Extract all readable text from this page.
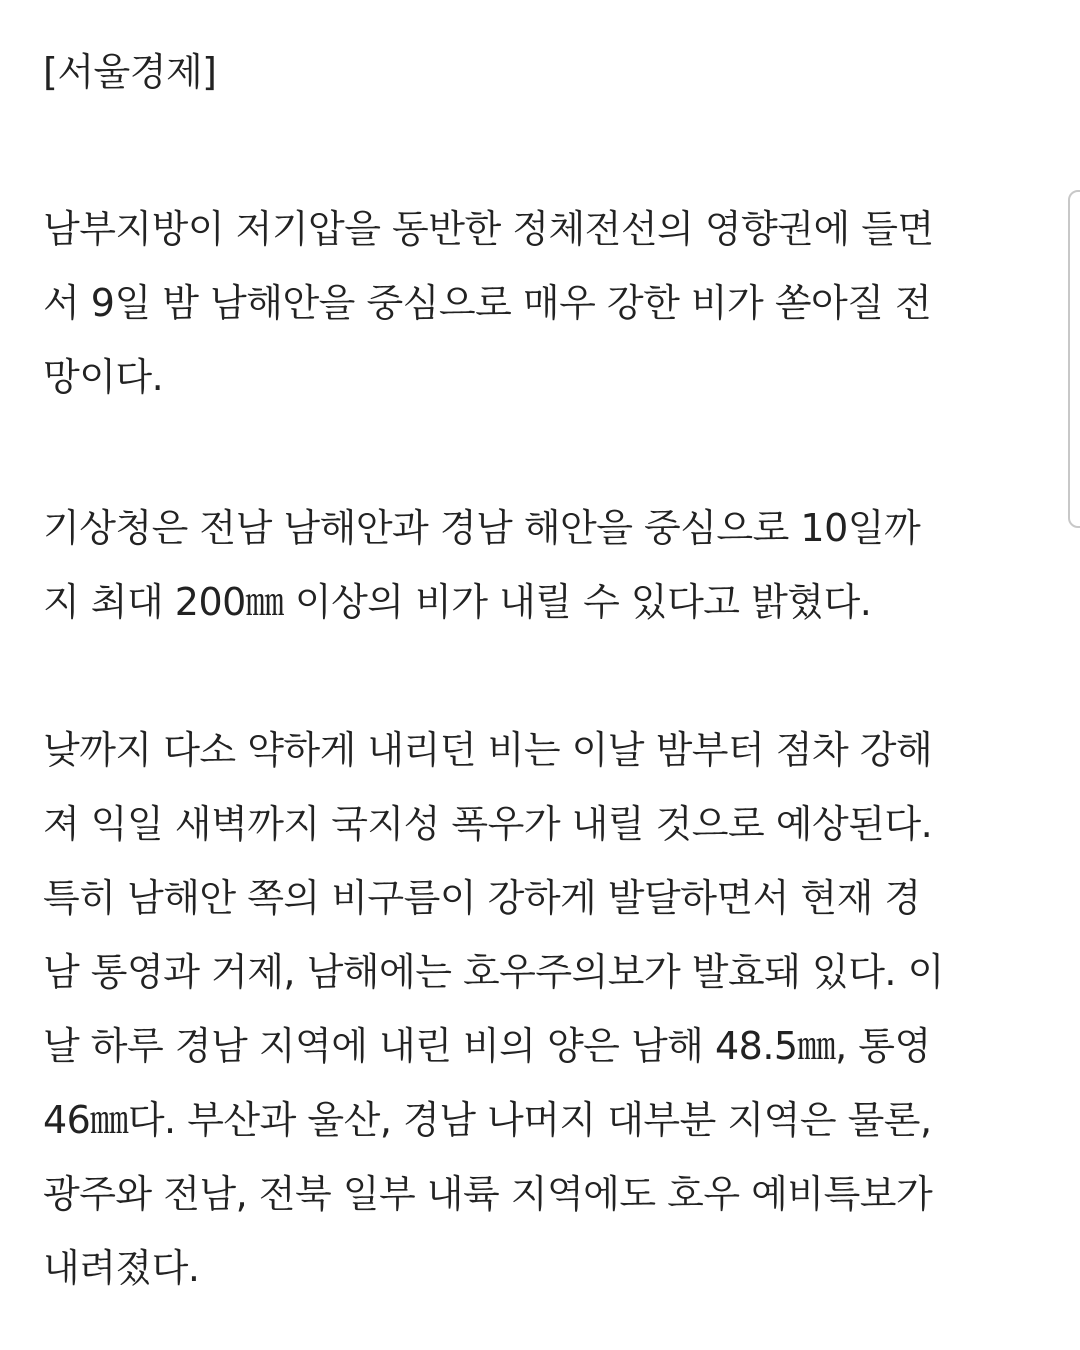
[서울경제]
남부지방이 저기압을 동반한 정체전선의 영향권에 들면
서 9일 밤 남해안을 중심으로 매우 강한 비가 쏟아질 전
망이다.
기상청은 전남 남해안과 경남 해안을 중심으로 10일까
지 최대 200㎜ 이상의 비가 내릴 수 있다고 밝혔다.
낮까지 다소 약하게 내리던 비는 이날 밤부터 점차 강해
져 익일 새벽까지 국지성 폭우가 내릴 것으로 예상된다.
특히 남해안 쪽의 비구름이 강하게 발달하면서 현재 경
남 통영과 거제, 남해에는 호우주의보가 발효돼 있다. 이
날 하루 경남 지역에 내린 비의 양은 남해 48.5㎜, 통영
46㎜다. 부산과 울산, 경남 나머지 대부분 지역은 물론,
광주와 전남, 전북 일부 내륙 지역에도 호우 예비특보가
내려졌다.
